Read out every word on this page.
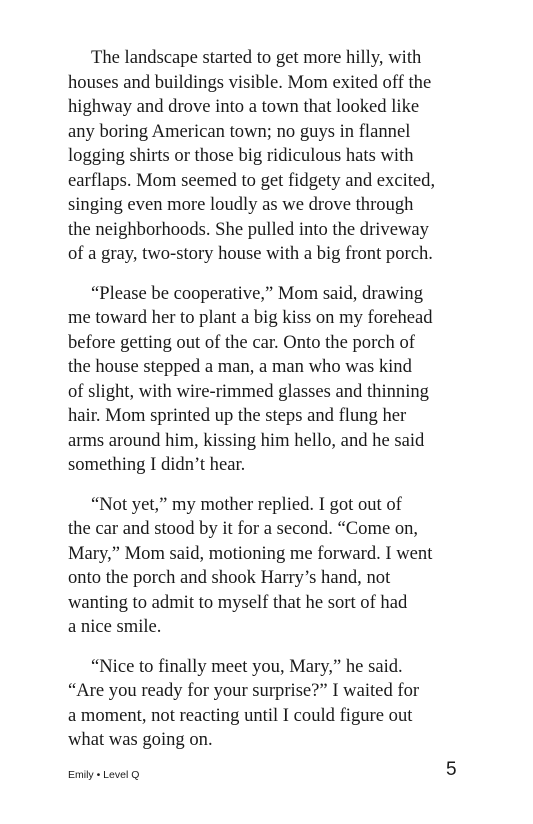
The landscape started to get more hilly, with
houses and buildings visible. Mom exited off the
highway and drove into a town that looked like
any boring American town; no guys in flannel
logging shirts or those big ridiculous hats with
earflaps. Mom seemed to get fidgety and excited,
singing even more loudly as we drove through
the neighborhoods. She pulled into the driveway
of a gray, two-story house with a big front porch.

“Please be cooperative,” Mom said, drawing
me toward her to plant a big kiss on my forehead
before getting out of the car. Onto the porch of
the house stepped a man, a man who was kind
of slight, with wire-rimmed glasses and thinning
hair. Mom sprinted up the steps and flung her
arms around him, kissing him hello, and he said
something I didn’t hear.

“Not yet,” my mother replied. I got out of
the car and stood by it for a second. “Come on,
Mary,” Mom said, motioning me forward. I went
onto the porch and shook Harry’s hand, not
wanting to admit to myself that he sort of had
a nice smile.

“Nice to finally meet you, Mary,” he said.
“Are you ready for your surprise?” I waited for
a moment, not reacting until I could figure out
what was going on.

Emily • Level Q	5
